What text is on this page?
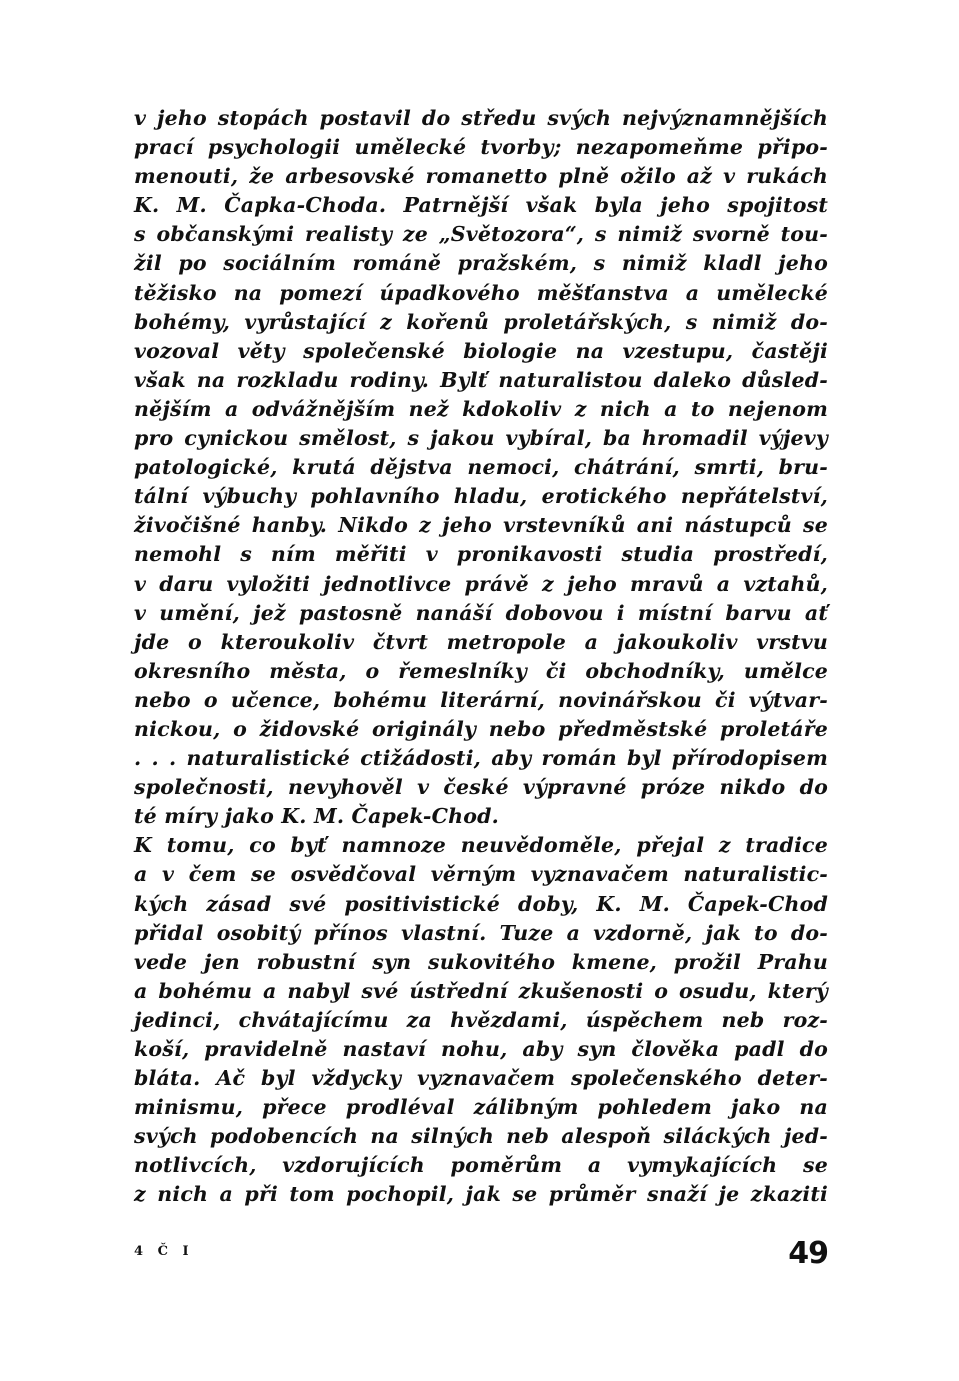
v jeho stopách postavil do středu svých nejvýznamnějších
prací psychologii umělecké tvorby; nezapomeňme připo-
menouti, že arbesovské romanetto plně ožilo až v rukách
K. M. Čapka-Choda. Patrnější však byla jeho spojitost
s občanskými realisty ze „Světozora“, s nimiž svorně tou-
žil po sociálním románě pražském, s nimiž kladl jeho
těžisko na pomezí úpadkového měšťanstva a umělecké
bohémy, vyrůstající z kořenů proletářských, s nimiž do-
vozoval věty společenské biologie na vzestupu, častěji
však na rozkladu rodiny. Bylť naturalistou daleko důsled-
nějším a odvážnějším než kdokoliv z nich a to nejenom
pro cynickou smělost, s jakou vybíral, ba hromadil výjevy
patologické, krutá dějstva nemoci, chátrání, smrti, bru-
tální výbuchy pohlavního hladu, erotického nepřátelství,
živočišné hanby. Nikdo z jeho vrstevníků ani nástupců se
nemohl s ním měřiti v pronikavosti studia prostředí,
v daru vyložiti jednotlivce právě z jeho mravů a vztahů,
v umění, jež pastosně nanáší dobovou i místní barvu ať
jde o kteroukoliv čtvrt metropole a jakoukoliv vrstvu
okresního města, o řemeslníky či obchodníky, umělce
nebo o učence, bohému literární, novinářskou či výtvar-
nickou, o židovské originály nebo předměstské proletáře
. . . naturalistické ctižádosti, aby román byl přírodopisem
společnosti, nevyhověl v české výpravné próze nikdo do
té míry jako K. M. Čapek-Chod.
K tomu, co byť namnoze neuvědoměle, přejal z tradice
a v čem se osvědčoval věrným vyznavačem naturalistic-
kých zásad své positivistické doby, K. M. Čapek-Chod
přidal osobitý přínos vlastní. Tuze a vzdorně, jak to do-
vede jen robustní syn sukovitého kmene, prožil Prahu
a bohému a nabyl své ústřední zkušenosti o osudu, který
jedinci, chvátajícímu za hvězdami, úspěchem neb roz-
koší, pravidelně nastaví nohu, aby syn člověka padl do
bláta. Ač byl vždycky vyznavačem společenského deter-
minismu, přece prodléval zálibným pohledem jako na
svých podobencích na silných neb alespoň siláckých jed-
notlivcích, vzdorujících poměrům a vymykajících se
z nich a při tom pochopil, jak se průměr snaží je zkaziti
4 Č I	49
